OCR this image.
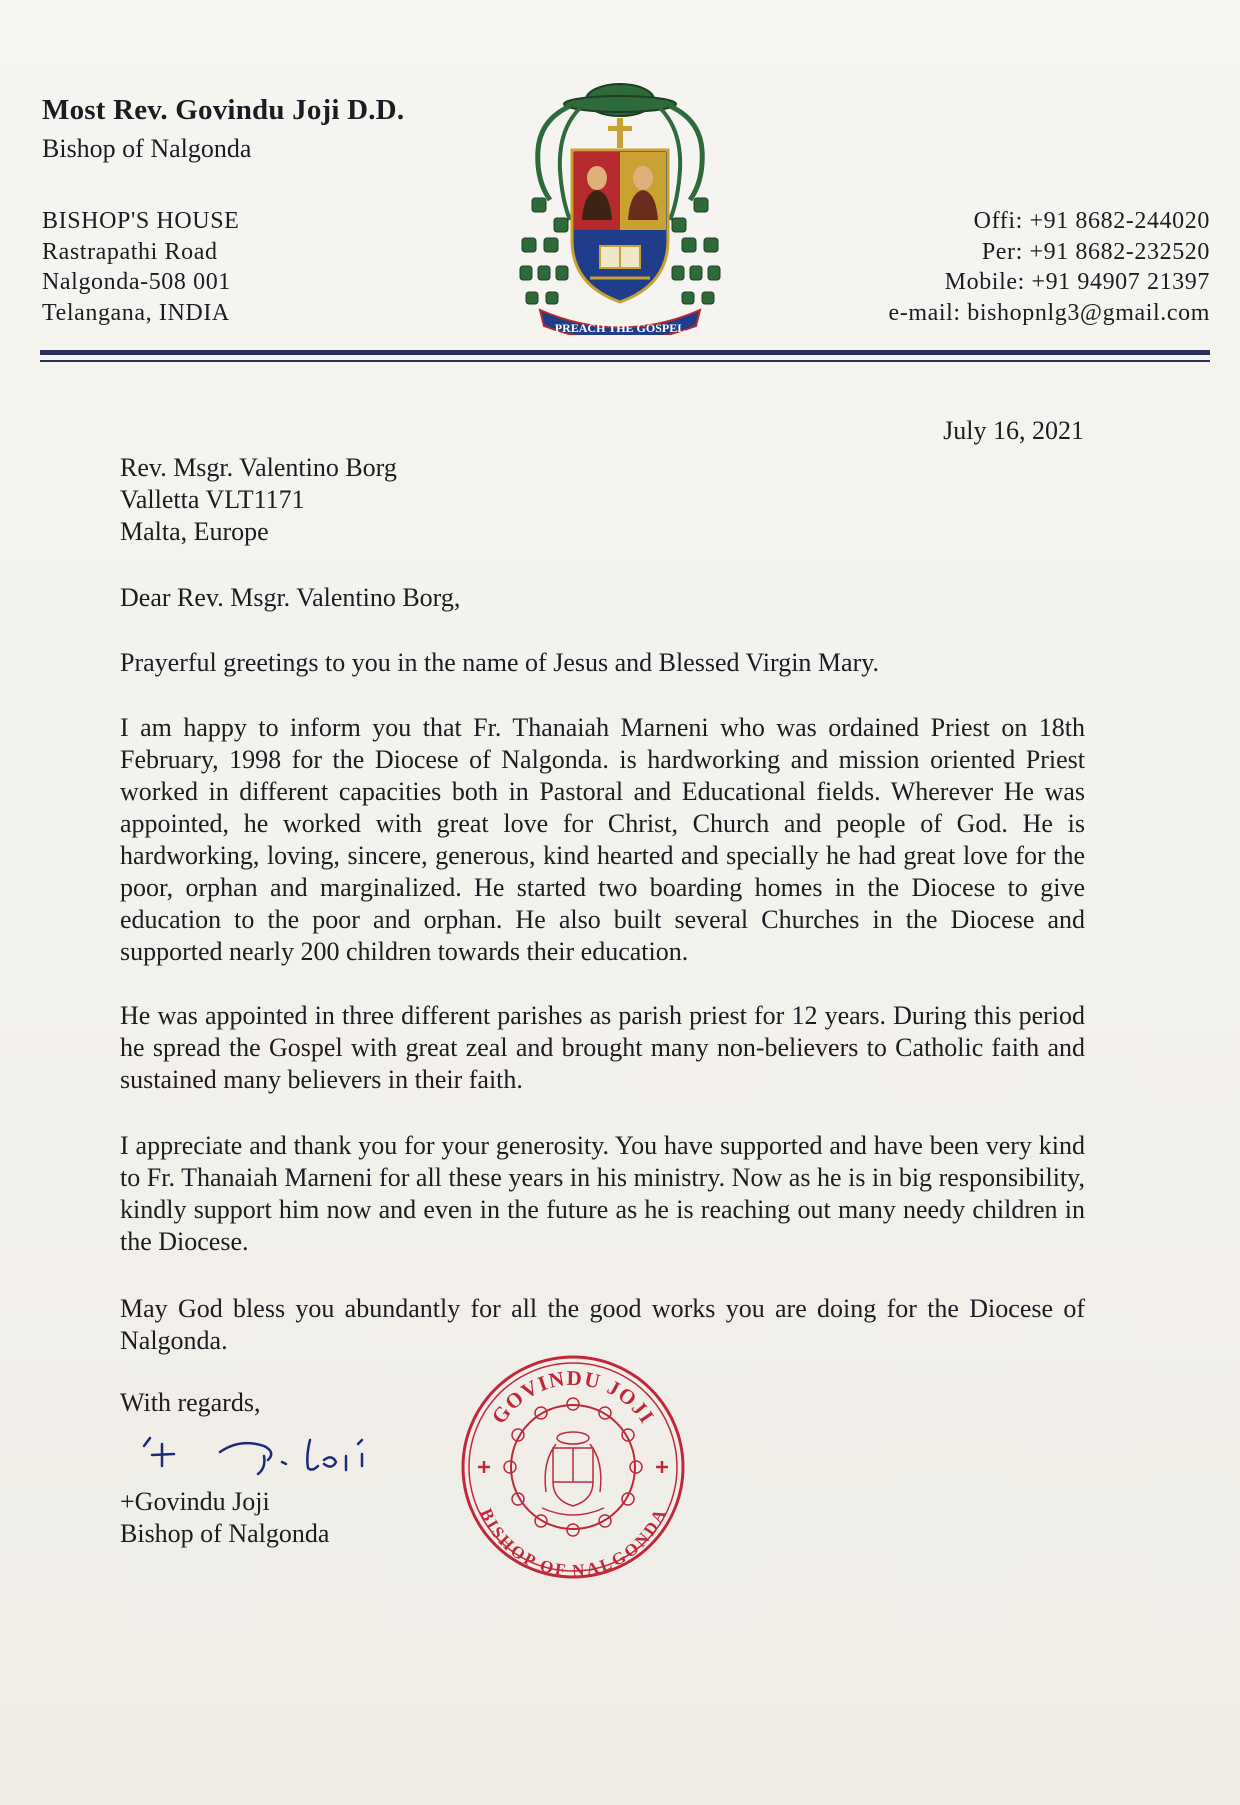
Most Rev. Govindu Joji D.D.
Bishop of Nalgonda
BISHOP'S HOUSE
Rastrapathi Road
Nalgonda-508 001
Telangana, INDIA
Offi: +91 8682-244020
Per: +91 8682-232520
Mobile: +91 94907 21397
e-mail: bishopnlg3@gmail.com
PREACH THE GOSPEL
July 16, 2021
Rev. Msgr. Valentino Borg
Valletta VLT1171
Malta, Europe
Dear Rev. Msgr. Valentino Borg,
Prayerful greetings to you in the name of Jesus and Blessed Virgin Mary.
I am happy to inform you that Fr. Thanaiah Marneni who was ordained Priest on 18th February, 1998 for the Diocese of Nalgonda. is hardworking and mission oriented Priest worked in different capacities both in Pastoral and Educational fields. Wherever He was appointed, he worked with great love for Christ, Church and people of God. He is hardworking, loving, sincere, generous, kind hearted and specially he had great love for the poor, orphan and marginalized. He started two boarding homes in the Diocese to give education to the poor and orphan. He also built several Churches in the Diocese and supported nearly 200 children towards their education.
He was appointed in three different parishes as parish priest for 12 years. During this period he spread the Gospel with great zeal and brought many non-believers to Catholic faith and sustained many believers in their faith.
I appreciate and thank you for your generosity. You have supported and have been very kind to Fr. Thanaiah Marneni for all these years in his ministry. Now as he is in big responsibility, kindly support him now and even in the future as he is reaching out many needy children in the Diocese.
May God bless you abundantly for all the good works you are doing for the Diocese of Nalgonda.
With regards,
+Govindu Joji
Bishop of Nalgonda
GOVINDU JOJI
BISHOP OF NALGONDA
